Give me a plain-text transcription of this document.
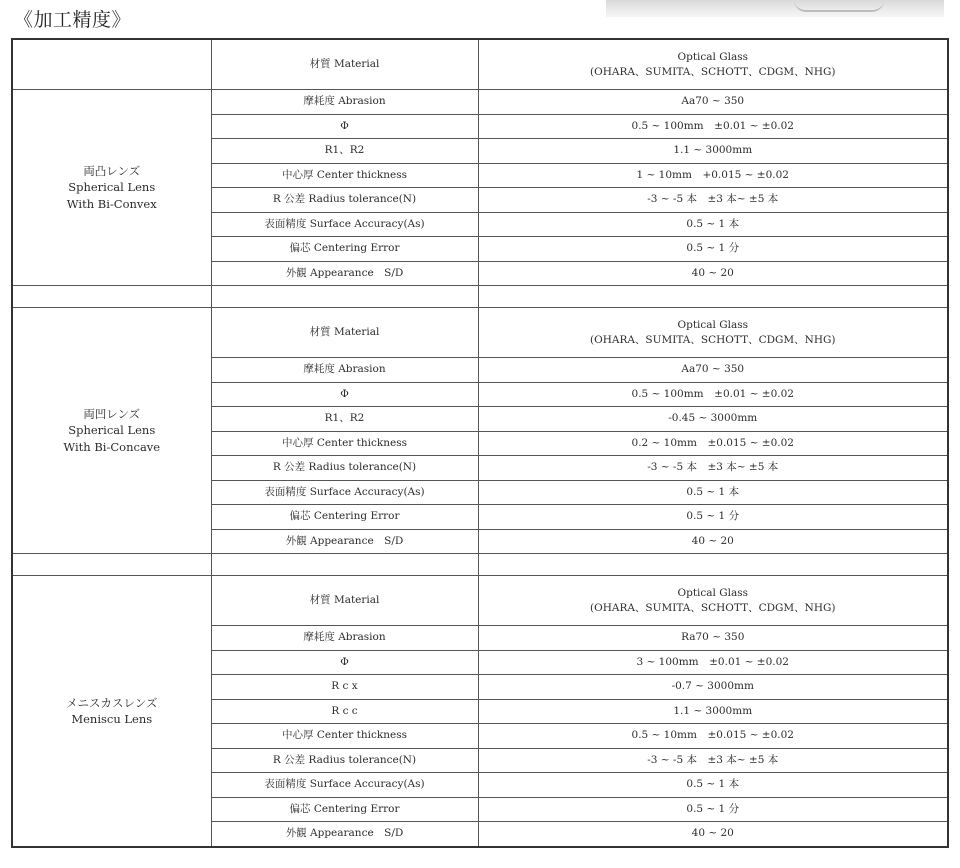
《加工精度》
	材質 Material	Optical Glass
(OHARA、SUMITA、SCHOTT、CDGM、NHG)

両凸レンズ
Spherical Lens
With Bi-Convex	摩耗度 Abrasion	Aa70 ~ 350
	Φ	0.5 ~ 100mm　±0.01 ~ ±0.02
	R1、R2	1.1 ~ 3000mm
	中心厚 Center thickness	1 ~ 10mm　+0.015 ~ ±0.02
	R 公差 Radius tolerance(N)	-3 ~ -5 本　±3 本~ ±5 本
	表面精度 Surface Accuracy(As)	0.5 ~ 1 本
	偏芯 Centering Error	0.5 ~ 1 分
	外観 Appearance　S/D	40 ~ 20

両凹レンズ
Spherical Lens
With Bi-Concave	材質 Material	Optical Glass
(OHARA、SUMITA、SCHOTT、CDGM、NHG)

	摩耗度 Abrasion	Aa70 ~ 350
	Φ	0.5 ~ 100mm　±0.01 ~ ±0.02
	R1、R2	-0.45 ~ 3000mm
	中心厚 Center thickness	0.2 ~ 10mm　±0.015 ~ ±0.02
	R 公差 Radius tolerance(N)	-3 ~ -5 本　±3 本~ ±5 本
	表面精度 Surface Accuracy(As)	0.5 ~ 1 本
	偏芯 Centering Error	0.5 ~ 1 分
	外観 Appearance　S/D	40 ~ 20

メニスカスレンズ
Meniscu Lens	材質 Material	Optical Glass
(OHARA、SUMITA、SCHOTT、CDGM、NHG)

	摩耗度 Abrasion	Ra70 ~ 350
	Φ	3 ~ 100mm　±0.01 ~ ±0.02
	R c x	-0.7 ~ 3000mm
	R c c	1.1 ~ 3000mm
	中心厚 Center thickness	0.5 ~ 10mm　±0.015 ~ ±0.02
	R 公差 Radius tolerance(N)	-3 ~ -5 本　±3 本~ ±5 本
	表面精度 Surface Accuracy(As)	0.5 ~ 1 本
	偏芯 Centering Error	0.5 ~ 1 分
	外観 Appearance　S/D	40 ~ 20
